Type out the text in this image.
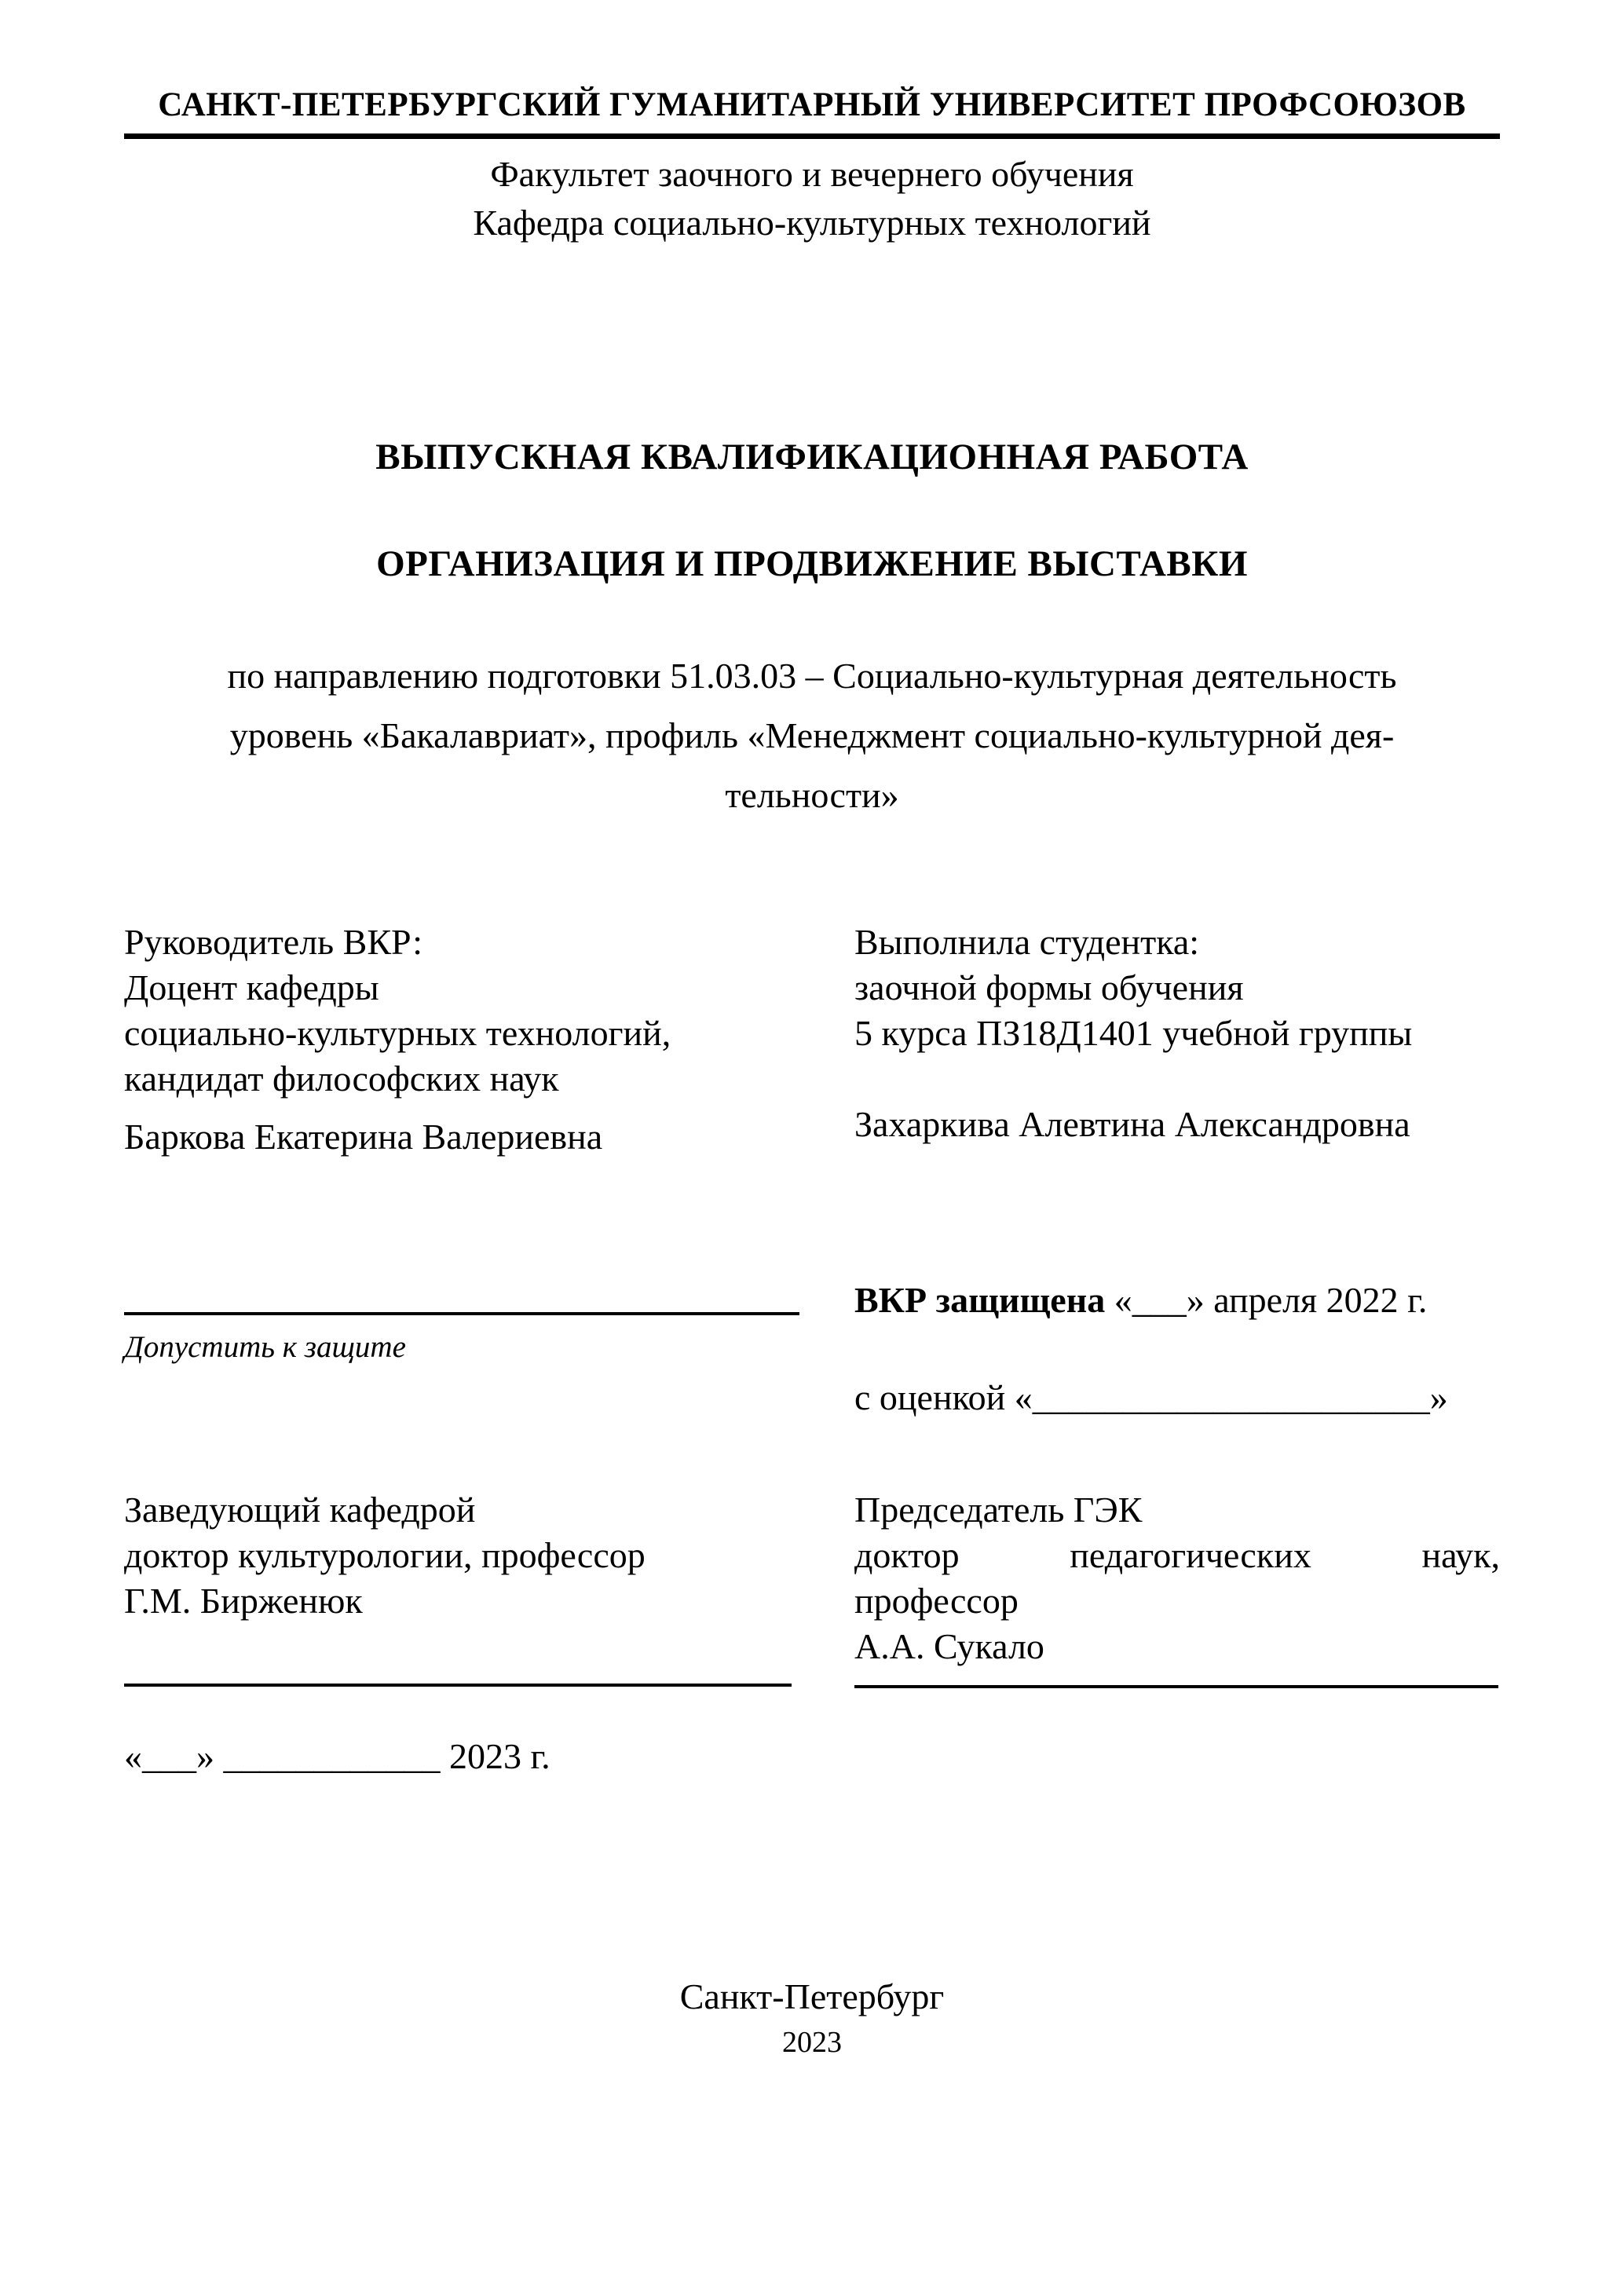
САНКТ-ПЕТЕРБУРГСКИЙ ГУМАНИТАРНЫЙ УНИВЕРСИТЕТ ПРОФСОЮЗОВ
Факультет заочного и вечернего обучения
Кафедра социально-культурных технологий
ВЫПУСКНАЯ КВАЛИФИКАЦИОННАЯ РАБОТА
ОРГАНИЗАЦИЯ И ПРОДВИЖЕНИЕ ВЫСТАВКИ
по направлению подготовки 51.03.03 – Социально-культурная деятельность
уровень «Бакалавриат», профиль «Менеджмент социально-культурной дея-
тельности»
Руководитель ВКР:
Доцент кафедры
социально-культурных технологий,
кандидат философских наук
Баркова Екатерина Валериевна
Выполнила студентка:
заочной формы обучения
5 курса ПЗ18Д1401 учебной группы
Захаркива Алевтина Александровна
Допустить к защите
ВКР защищена «___» апреля 2022 г.
с оценкой «______________________»
Заведующий кафедрой
доктор культурологии, профессор
Г.М. Бирженюк
«___» ____________ 2023 г.
Председатель ГЭК
доктор	педагогических	наук,
профессор
А.А. Сукало
Санкт-Петербург
2023
